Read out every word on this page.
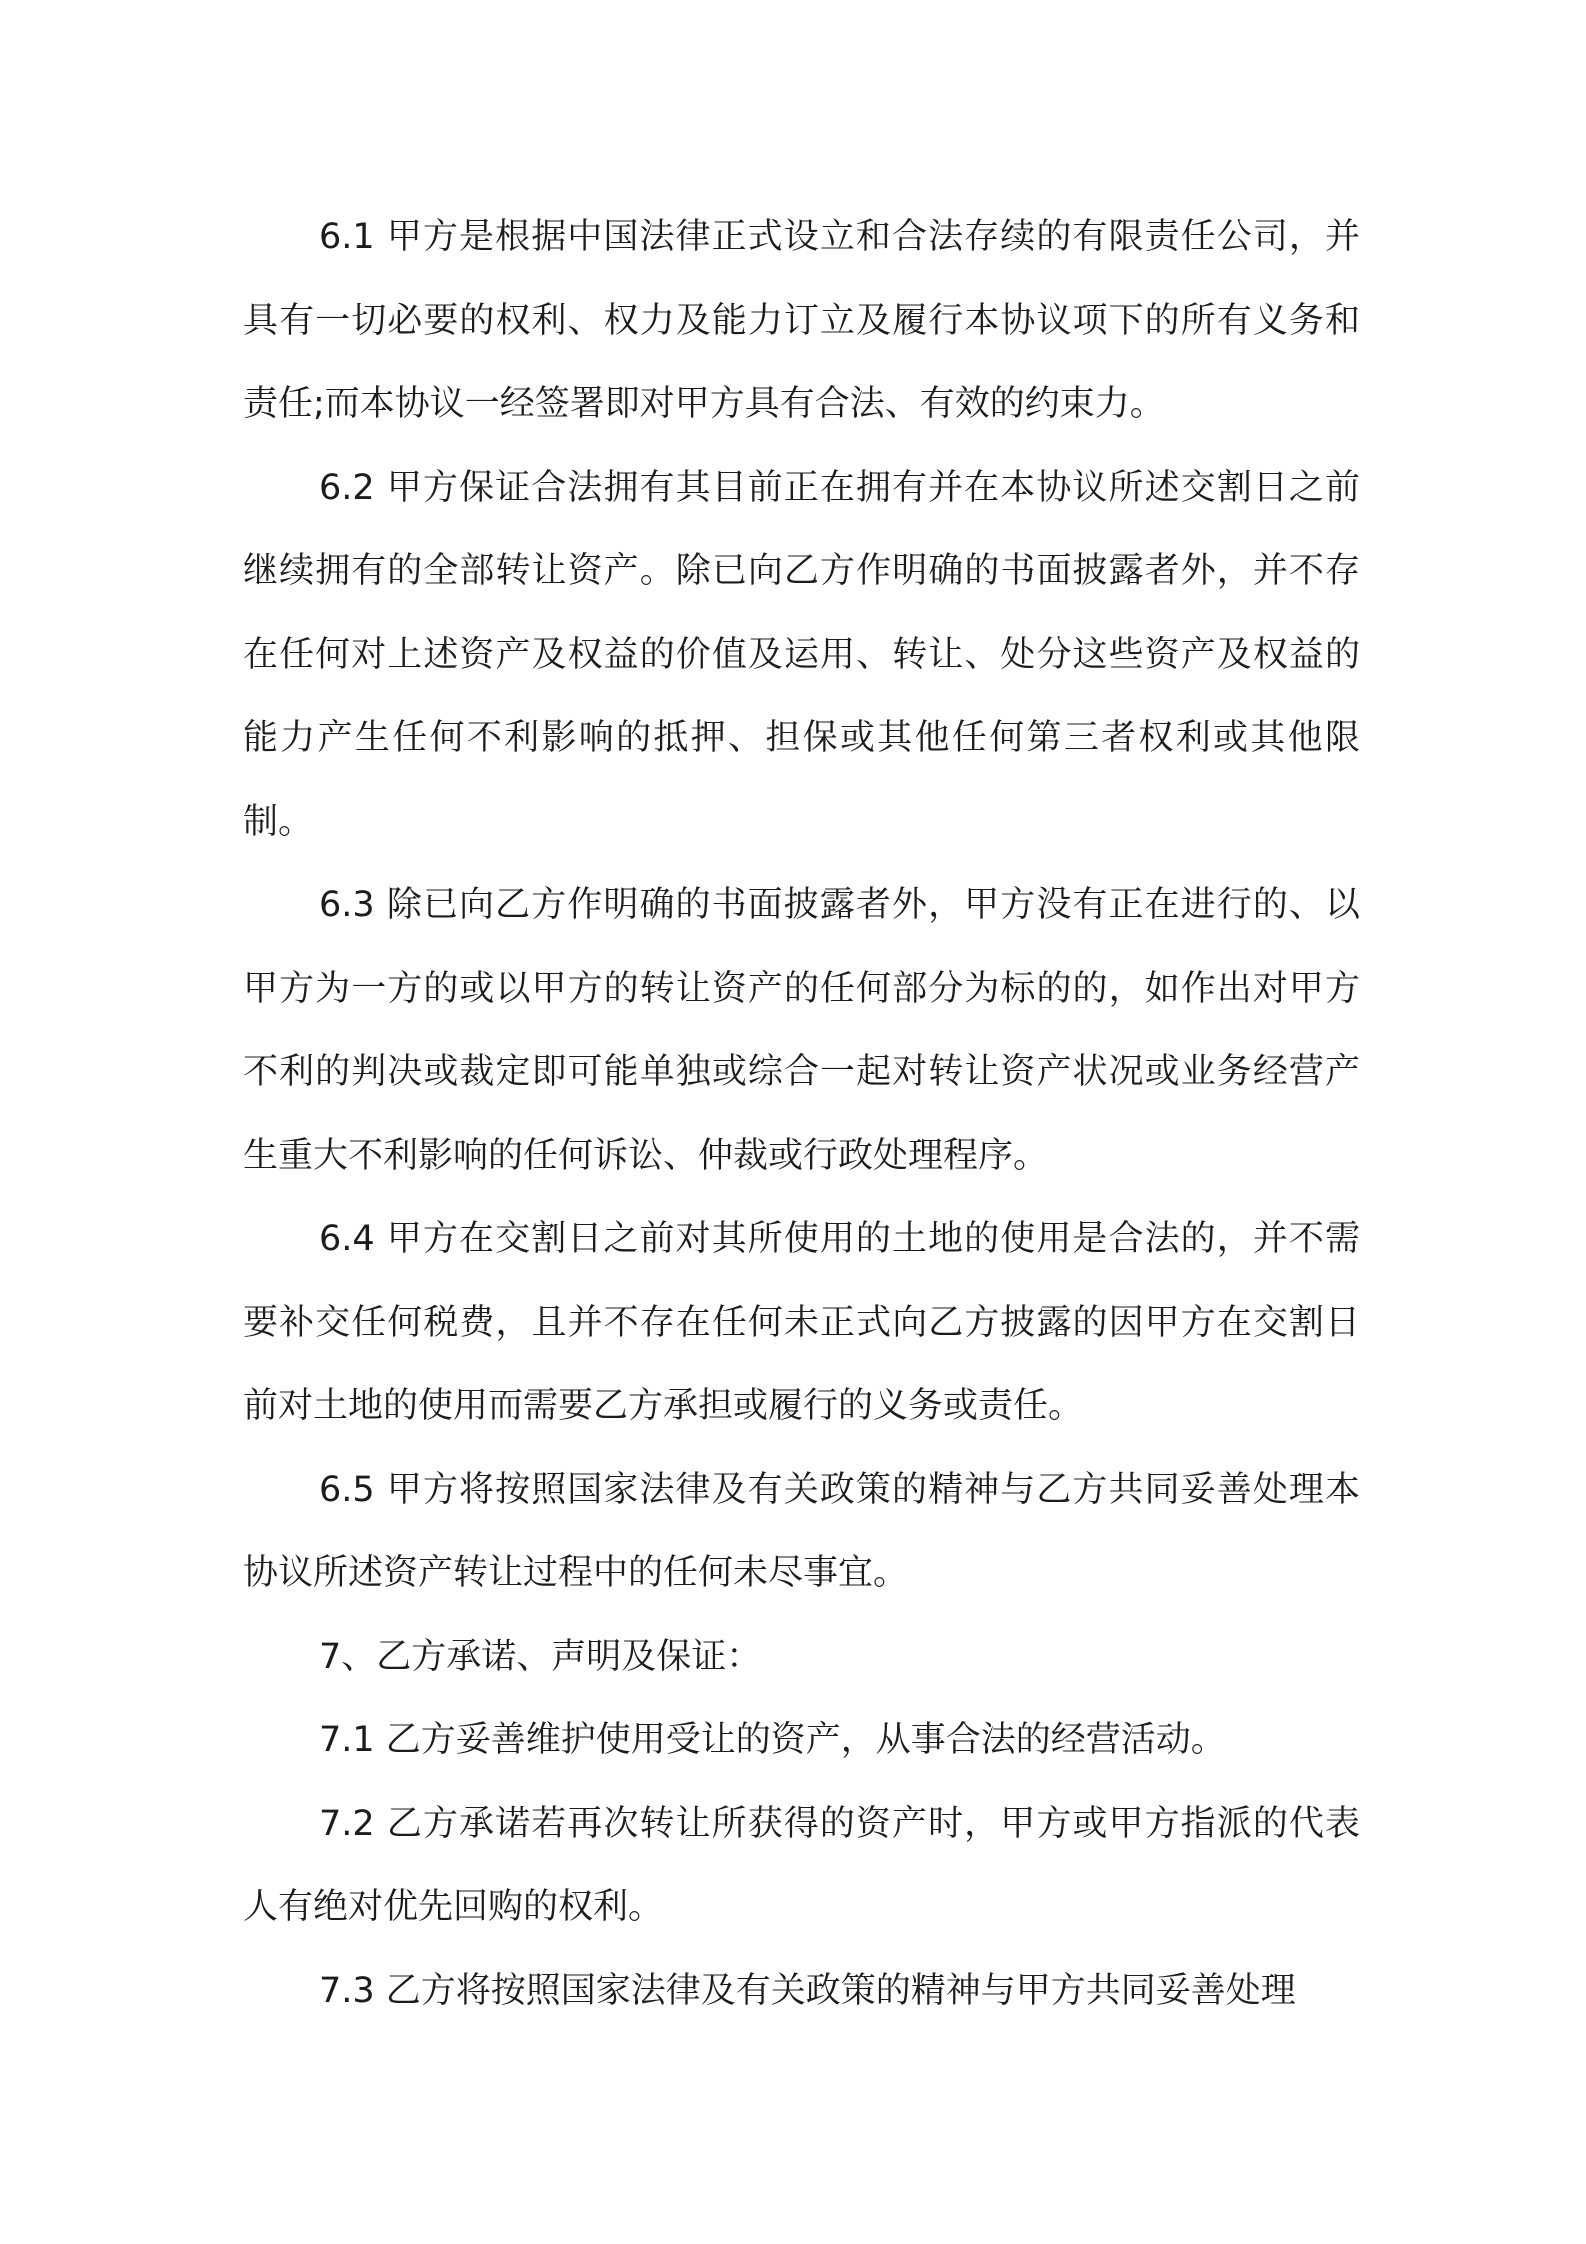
6.1 甲方是根据中国法律正式设立和合法存续的有限责任公司，并具有一切必要的权利、权力及能力订立及履行本协议项下的所有义务和责任;而本协议一经签署即对甲方具有合法、有效的约束力。

6.2 甲方保证合法拥有其目前正在拥有并在本协议所述交割日之前继续拥有的全部转让资产。除已向乙方作明确的书面披露者外，并不存在任何对上述资产及权益的价值及运用、转让、处分这些资产及权益的能力产生任何不利影响的抵押、担保或其他任何第三者权利或其他限制。

6.3 除已向乙方作明确的书面披露者外，甲方没有正在进行的、以甲方为一方的或以甲方的转让资产的任何部分为标的的，如作出对甲方不利的判决或裁定即可能单独或综合一起对转让资产状况或业务经营产生重大不利影响的任何诉讼、仲裁或行政处理程序。

6.4 甲方在交割日之前对其所使用的土地的使用是合法的，并不需要补交任何税费，且并不存在任何未正式向乙方披露的因甲方在交割日前对土地的使用而需要乙方承担或履行的义务或责任。

6.5 甲方将按照国家法律及有关政策的精神与乙方共同妥善处理本协议所述资产转让过程中的任何未尽事宜。

7、乙方承诺、声明及保证：

7.1 乙方妥善维护使用受让的资产，从事合法的经营活动。

7.2 乙方承诺若再次转让所获得的资产时，甲方或甲方指派的代表人有绝对优先回购的权利。

7.3 乙方将按照国家法律及有关政策的精神与甲方共同妥善处理
